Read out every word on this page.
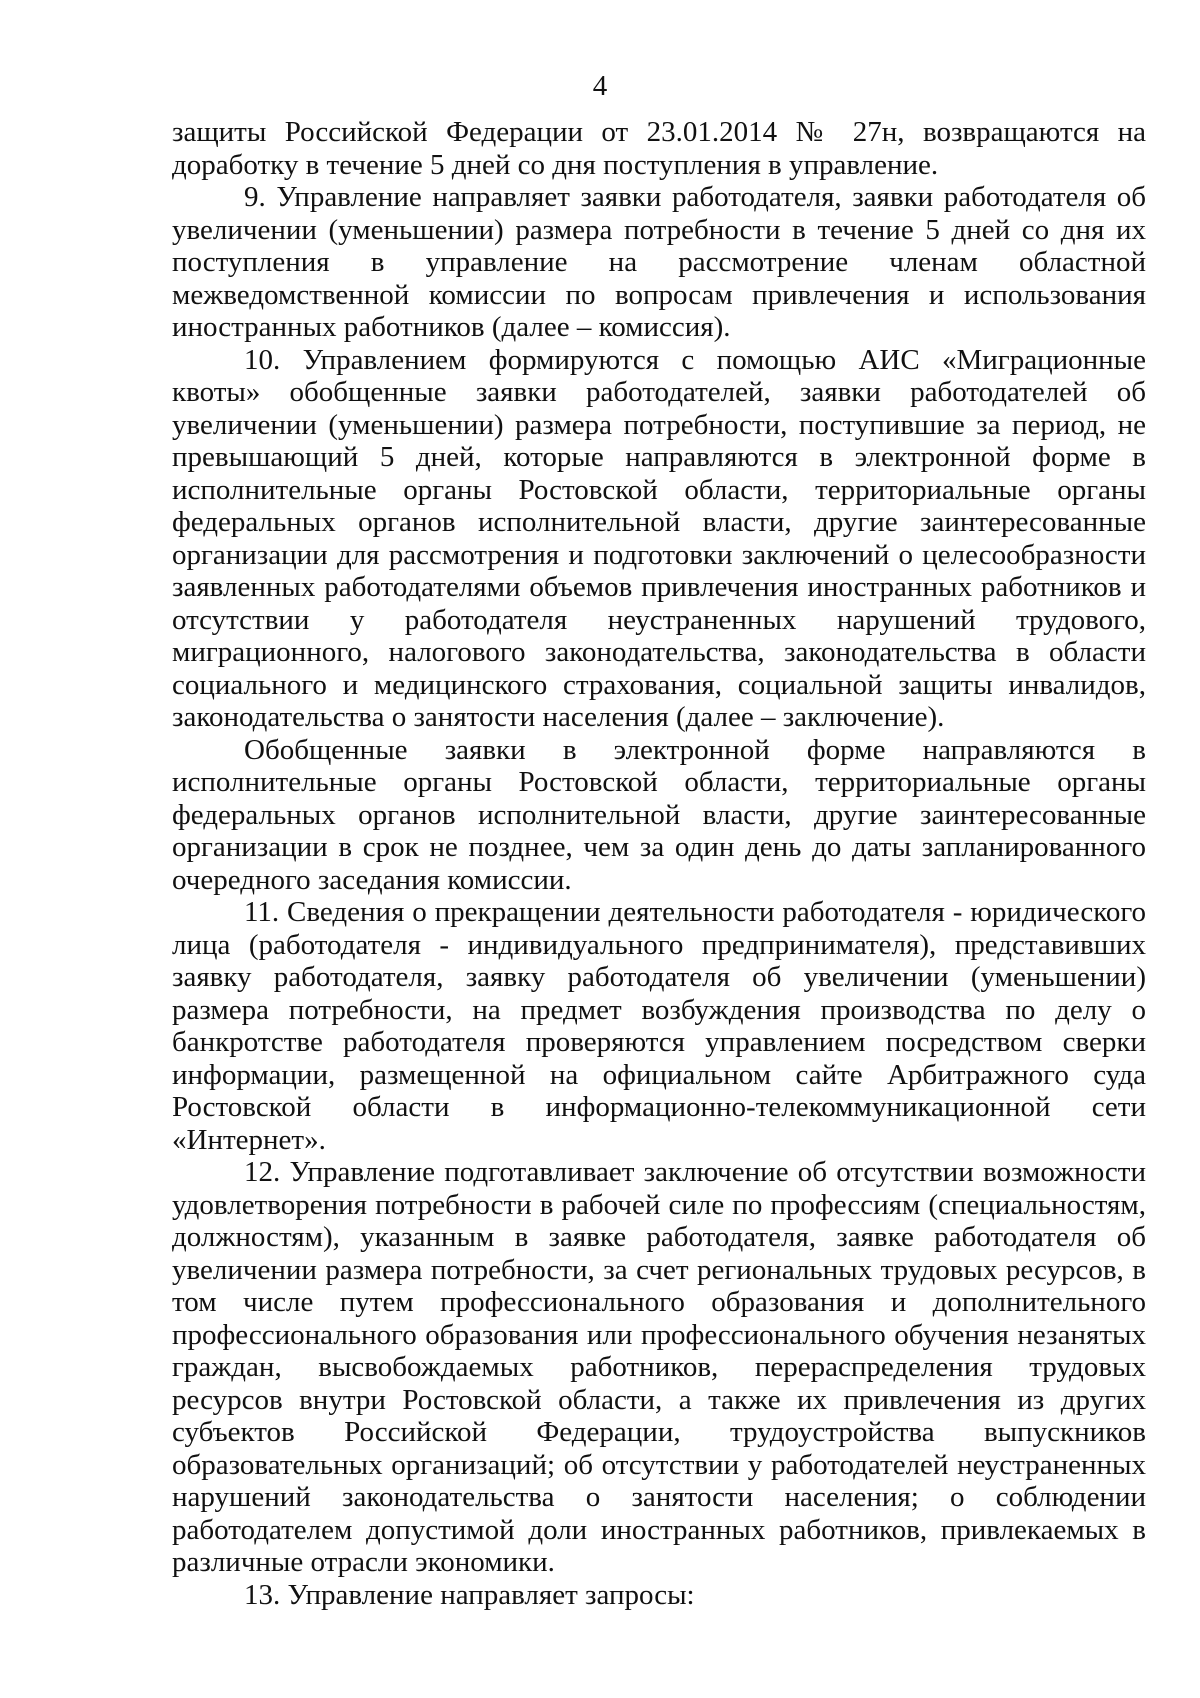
4

защиты Российской Федерации от 23.01.2014 № 27н, возвращаются на доработку в течение 5 дней со дня поступления в управление.

9. Управление направляет заявки работодателя, заявки работодателя об увеличении (уменьшении) размера потребности в течение 5 дней со дня их поступления в управление на рассмотрение членам областной межведомственной комиссии по вопросам привлечения и использования иностранных работников (далее – комиссия).

10. Управлением формируются с помощью АИС «Миграционные квоты» обобщенные заявки работодателей, заявки работодателей об увеличении (уменьшении) размера потребности, поступившие за период, не превышающий 5 дней, которые направляются в электронной форме в исполнительные органы Ростовской области, территориальные органы федеральных органов исполнительной власти, другие заинтересованные организации для рассмотрения и подготовки заключений о целесообразности заявленных работодателями объемов привлечения иностранных работников и отсутствии у работодателя неустраненных нарушений трудового, миграционного, налогового законодательства, законодательства в области социального и медицинского страхования, социальной защиты инвалидов, законодательства о занятости населения (далее – заключение).

Обобщенные заявки в электронной форме направляются в исполнительные органы Ростовской области, территориальные органы федеральных органов исполнительной власти, другие заинтересованные организации в срок не позднее, чем за один день до даты запланированного очередного заседания комиссии.

11. Сведения о прекращении деятельности работодателя - юридического лица (работодателя - индивидуального предпринимателя), представивших заявку работодателя, заявку работодателя об увеличении (уменьшении) размера потребности, на предмет возбуждения производства по делу о банкротстве работодателя проверяются управлением посредством сверки информации, размещенной на официальном сайте Арбитражного суда Ростовской области в информационно-телекоммуникационной сети «Интернет».

12. Управление подготавливает заключение об отсутствии возможности удовлетворения потребности в рабочей силе по профессиям (специальностям, должностям), указанным в заявке работодателя, заявке работодателя об увеличении размера потребности, за счет региональных трудовых ресурсов, в том числе путем профессионального образования и дополнительного профессионального образования или профессионального обучения незанятых граждан, высвобождаемых работников, перераспределения трудовых ресурсов внутри Ростовской области, а также их привлечения из других субъектов Российской Федерации, трудоустройства выпускников образовательных организаций; об отсутствии у работодателей неустраненных нарушений законодательства о занятости населения; о соблюдении работодателем допустимой доли иностранных работников, привлекаемых в различные отрасли экономики.

13. Управление направляет запросы:
